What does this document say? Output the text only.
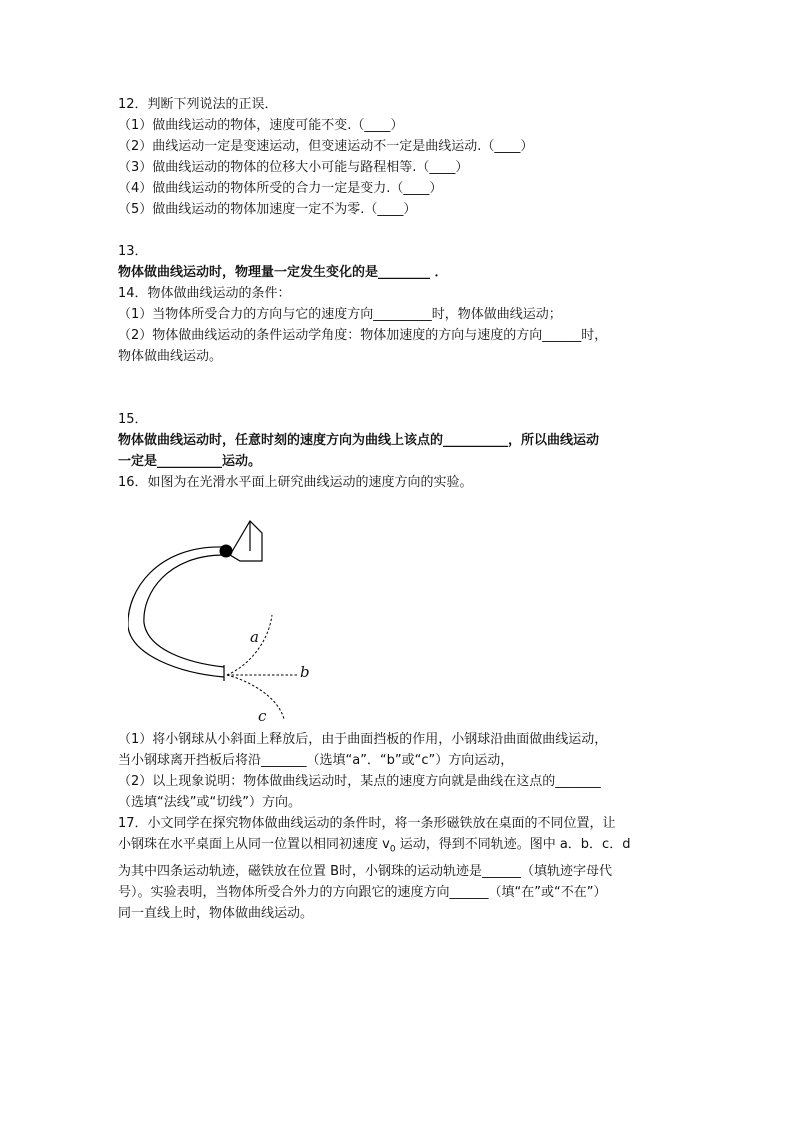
12．判断下列说法的正误．
（1）做曲线运动的物体，速度可能不变.（____）
（2）曲线运动一定是变速运动，但变速运动不一定是曲线运动.（____）
（3）做曲线运动的物体的位移大小可能与路程相等.（____）
（4）做曲线运动的物体所受的合力一定是变力.（____）
（5）做曲线运动的物体加速度一定不为零.（____）
13．
物体做曲线运动时，物理量一定发生变化的是________ ．
14．物体做曲线运动的条件：
（1）当物体所受合力的方向与它的速度方向_________时，物体做曲线运动；
（2）物体做曲线运动的条件运动学角度：物体加速度的方向与速度的方向______时，
物体做曲线运动。
15．
物体做曲线运动时，任意时刻的速度方向为曲线上该点的__________，所以曲线运动
一定是__________运动。
16．如图为在光滑水平面上研究曲线运动的速度方向的实验。
a
b
c
（1）将小钢球从小斜面上释放后，由于曲面挡板的作用，小钢球沿曲面做曲线运动，
当小钢球离开挡板后将沿_______（选填“a”．“b”或“c”）方向运动，
（2）以上现象说明：物体做曲线运动时，某点的速度方向就是曲线在这点的_______
（选填“法线”或“切线”）方向。
17．小文同学在探究物体做曲线运动的条件时，将一条形磁铁放在桌面的不同位置，让
小钢珠在水平桌面上从同一位置以相同初速度 $v_0$ 运动，得到不同轨迹。图中 a．b．c．d
为其中四条运动轨迹，磁铁放在位置 B时，小钢珠的运动轨迹是______（填轨迹字母代
号）。实验表明，当物体所受合外力的方向跟它的速度方向______（填“在”或“不在”）
同一直线上时，物体做曲线运动。
